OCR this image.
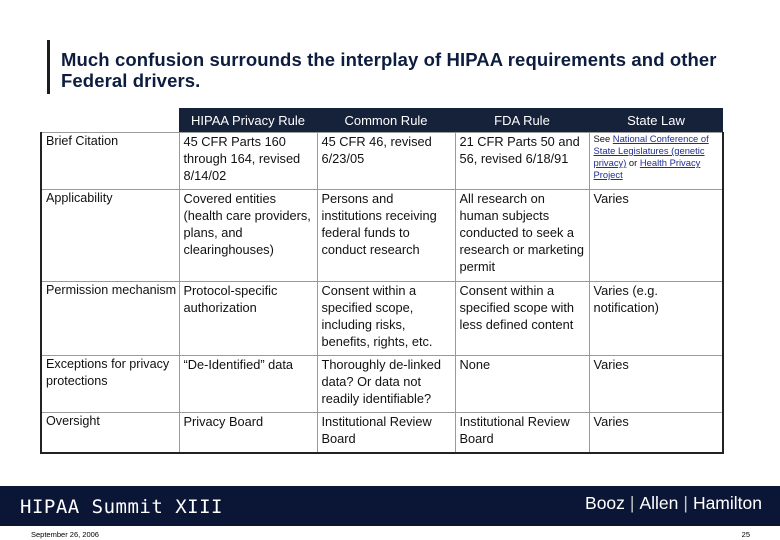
Much confusion surrounds the interplay of HIPAA requirements and other Federal drivers.
	HIPAA Privacy Rule	Common Rule	FDA Rule	State Law
Brief Citation	45 CFR Parts 160 through 164, revised 8/14/02	45 CFR 46, revised 6/23/05	21 CFR Parts 50 and 56, revised 6/18/91	See National Conference of State Legislatures (genetic privacy) or Health Privacy Project

Applicability	Covered entities (health care providers, plans, and clearinghouses)	Persons and institutions receiving federal funds to conduct research	All research on human subjects conducted to seek a research or marketing permit	Varies
Permission mechanism	Protocol-specific authorization	Consent within a specified scope, including risks, benefits, rights, etc.	Consent within a specified scope with less defined content	Varies (e.g. notification)
Exceptions for privacy protections	“De-Identified” data	Thoroughly de-linked data? Or data not readily identifiable?	None	Varies
Oversight	Privacy Board	Institutional Review Board	Institutional Review Board	Varies
HIPAA Summit XIII	Booz | Allen | Hamilton
September 26, 2006	25
